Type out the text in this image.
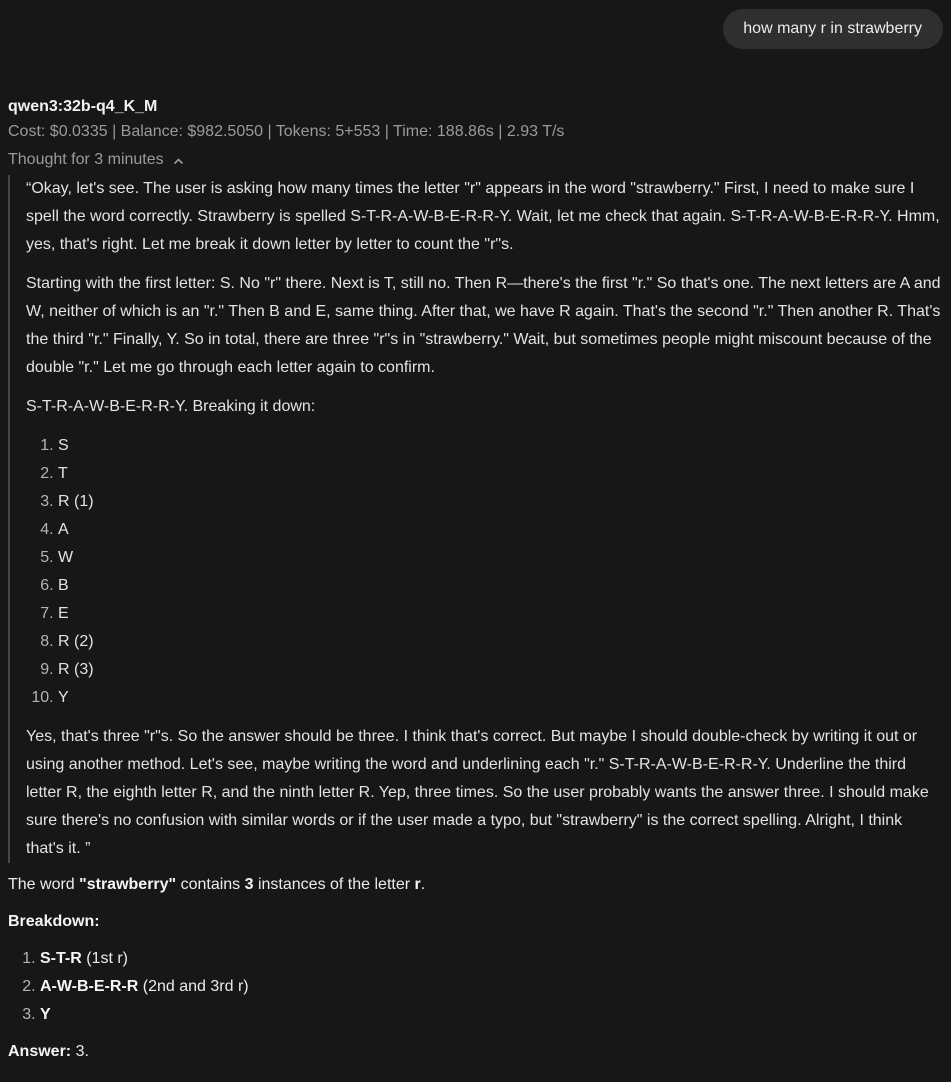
how many r in strawberry
qwen3:32b-q4_K_M
Cost: $0.0335 | Balance: $982.5050 | Tokens: 5+553 | Time: 188.86s | 2.93 T/s
Thought for 3 minutes

“Okay, let's see. The user is asking how many times the letter "r" appears in the word "strawberry." First, I need to make sure I spell the word correctly. Strawberry is spelled S-T-R-A-W-B-E-R-R-Y. Wait, let me check that again. S-T-R-A-W-B-E-R-R-Y. Hmm, yes, that's right. Let me break it down letter by letter to count the "r"s.

Starting with the first letter: S. No "r" there. Next is T, still no. Then R—there's the first "r." So that's one. The next letters are A and W, neither of which is an "r." Then B and E, same thing. After that, we have R again. That's the second "r." Then another R. That's the third "r." Finally, Y. So in total, there are three "r"s in "strawberry." Wait, but sometimes people might miscount because of the double "r." Let me go through each letter again to confirm.

S-T-R-A-W-B-E-R-R-Y. Breaking it down:

1. S
2. T
3. R (1)
4. A
5. W
6. B
7. E
8. R (2)
9. R (3)
10. Y

Yes, that's three "r"s. So the answer should be three. I think that's correct. But maybe I should double-check by writing it out or using another method. Let's see, maybe writing the word and underlining each "r." S-T-R-A-W-B-E-R-R-Y. Underline the third letter R, the eighth letter R, and the ninth letter R. Yep, three times. So the user probably wants the answer three. I should make sure there's no confusion with similar words or if the user made a typo, but "strawberry" is the correct spelling. Alright, I think that's it. ”

The word "strawberry" contains 3 instances of the letter r.

Breakdown:

1. S-T-R (1st r)
2. A-W-B-E-R-R (2nd and 3rd r)
3. Y

Answer: 3.
